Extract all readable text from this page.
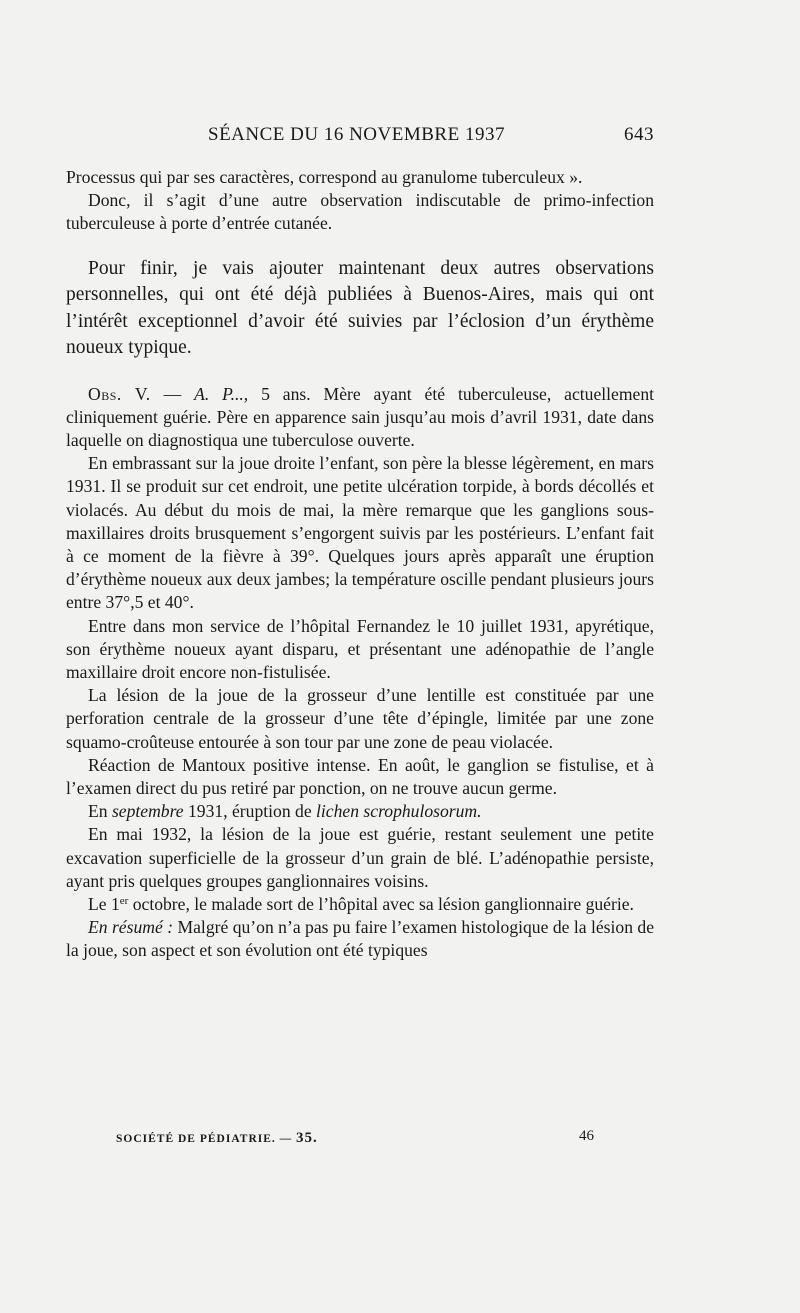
SÉANCE DU 16 NOVEMBRE 1937	643

Processus qui par ses caractères, correspond au granulome tuberculeux ».

Donc, il s’agit d’une autre observation indiscutable de primo-infection tuberculeuse à porte d’entrée cutanée.

Pour finir, je vais ajouter maintenant deux autres observations personnelles, qui ont été déjà publiées à Buenos-Aires, mais qui ont l’intérêt exceptionnel d’avoir été suivies par l’éclosion d’un érythème noueux typique.

Obs. V. — A. P..., 5 ans. Mère ayant été tuberculeuse, actuellement cliniquement guérie. Père en apparence sain jusqu’au mois d’avril 1931, date dans laquelle on diagnostiqua une tuberculose ouverte.

En embrassant sur la joue droite l’enfant, son père la blesse légèrement, en mars 1931. Il se produit sur cet endroit, une petite ulcération torpide, à bords décollés et violacés. Au début du mois de mai, la mère remarque que les ganglions sous-maxillaires droits brusquement s’engorgent suivis par les postérieurs. L’enfant fait à ce moment de la fièvre à 39°. Quelques jours après apparaît une éruption d’érythème noueux aux deux jambes; la température oscille pendant plusieurs jours entre 37°,5 et 40°.

Entre dans mon service de l’hôpital Fernandez le 10 juillet 1931, apyrétique, son érythème noueux ayant disparu, et présentant une adénopathie de l’angle maxillaire droit encore non-fistulisée.

La lésion de la joue de la grosseur d’une lentille est constituée par une perforation centrale de la grosseur d’une tête d’épingle, limitée par une zone squamo-croûteuse entourée à son tour par une zone de peau violacée.

Réaction de Mantoux positive intense. En août, le ganglion se fistulise, et à l’examen direct du pus retiré par ponction, on ne trouve aucun germe.

En septembre 1931, éruption de lichen scrophulosorum.

En mai 1932, la lésion de la joue est guérie, restant seulement une petite excavation superficielle de la grosseur d’un grain de blé. L’adénopathie persiste, ayant pris quelques groupes ganglionnaires voisins.

Le 1er octobre, le malade sort de l’hôpital avec sa lésion ganglionnaire guérie.

En résumé : Malgré qu’on n’a pas pu faire l’examen histologique de la lésion de la joue, son aspect et son évolution ont été typiques

SOCIÉTÉ DE PÉDIATRIE. — 35.	46
